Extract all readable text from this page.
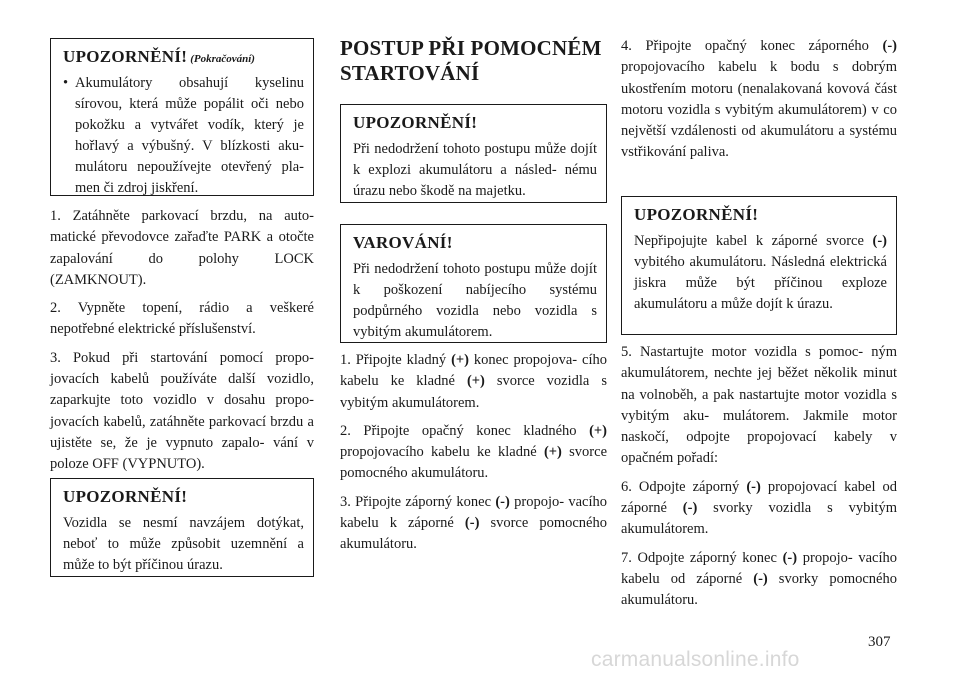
UPOZORNĚNÍ! (Pokračování)
• Akumulátory obsahují kyselinu sírovou, která může popálit oči nebo pokožku a vytvářet vodík, který je hořlavý a výbušný. V blízkosti aku- mulátoru nepoužívejte otevřený pla- men či zdroj jiskření.

1. Zatáhněte parkovací brzdu, na auto- matické převodovce zařaďte PARK a otočte zapalování do polohy LOCK (ZAMKNOUT).

2. Vypněte topení, rádio a veškeré nepotřebné elektrické příslušenství.

3. Pokud při startování pomocí propo- jovacích kabelů používáte další vozidlo, zaparkujte toto vozidlo v dosahu propo- jovacích kabelů, zatáhněte parkovací brzdu a ujistěte se, že je vypnuto zapalo- vání v poloze OFF (VYPNUTO).

UPOZORNĚNÍ!
Vozidla se nesmí navzájem dotýkat, neboť to může způsobit uzemnění a může to být příčinou úrazu.
POSTUP PŘI POMOCNÉM
STARTOVÁNÍ
UPOZORNĚNÍ!
Při nedodržení tohoto postupu může dojít k explozi akumulátoru a násled- nému úrazu nebo škodě na majetku.
VAROVÁNÍ!
Při nedodržení tohoto postupu může dojít k poškození nabíjecího systému podpůrného vozidla nebo vozidla s vybitým akumulátorem.

1. Připojte kladný (+) konec propojova- cího kabelu ke kladné (+) svorce vozidla s vybitým akumulátorem.

2. Připojte opačný konec kladného (+) propojovacího kabelu ke kladné (+) svorce pomocného akumulátoru.

3. Připojte záporný konec (-) propojo- vacího kabelu k záporné (-) svorce pomocného akumulátoru.

4. Připojte opačný konec záporného (-) propojovacího kabelu k bodu s dobrým ukostřením motoru (nenalakovaná kovová část motoru vozidla s vybitým akumulátorem) v co největší vzdálenosti od akumulátoru a systému vstřikování paliva.

UPOZORNĚNÍ!
Nepřipojujte kabel k záporné svorce (-) vybitého akumulátoru. Následná elektrická jiskra může být příčinou exploze akumulátoru a může dojít k úrazu.

5. Nastartujte motor vozidla s pomoc- ným akumulátorem, nechte jej běžet několik minut na volnoběh, a pak nastartujte motor vozidla s vybitým aku- mulátorem. Jakmile motor naskočí, odpojte propojovací kabely v opačném pořadí:

6. Odpojte záporný (-) propojovací kabel od záporné (-) svorky vozidla s vybitým akumulátorem.

7. Odpojte záporný konec (-) propojo- vacího kabelu od záporné (-) svorky pomocného akumulátoru.

307
carmanualsonline.info
